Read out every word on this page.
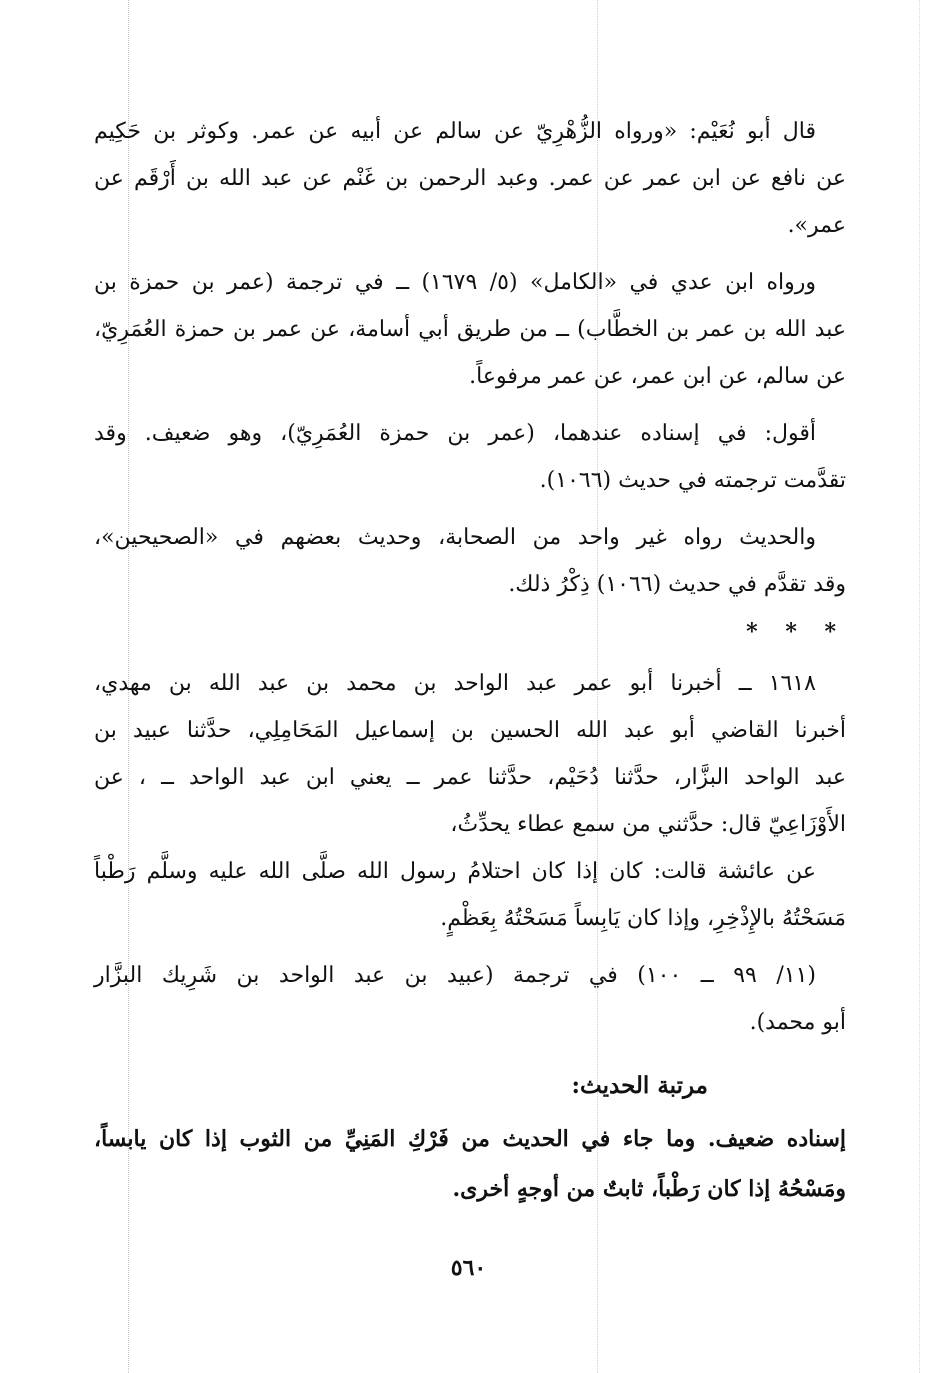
قال أبو نُعَيْم: «ورواه الزُّهْرِيّ عن سالم عن أبيه عن عمر. وكوثر بن حَكِيم
عن نافع عن ابن عمر عن عمر. وعبد الرحمن بن غَنْم عن عبد الله بن أَرْقَم عن
عمر».

ورواه ابن عدي في «الكامل» (٥/ ١٦٧٩) ــ في ترجمة (عمر بن حمزة بن
عبد الله بن عمر بن الخطَّاب) ــ من طريق أبي أسامة، عن عمر بن حمزة العُمَرِيّ،
عن سالم، عن ابن عمر، عن عمر مرفوعاً.

أقول: في إسناده عندهما، (عمر بن حمزة العُمَرِيّ)، وهو ضعيف. وقد
تقدَّمت ترجمته في حديث (١٠٦٦).

والحديث رواه غير واحد من الصحابة، وحديث بعضهم في «الصحيحين»،
وقد تقدَّم في حديث (١٠٦٦) ذِكْرُ ذلك.

* * *

١٦١٨ ــ أخبرنا أبو عمر عبد الواحد بن محمد بن عبد الله بن مهدي،
أخبرنا القاضي أبو عبد الله الحسين بن إسماعيل المَحَامِلِي، حدَّثنا عبيد بن
عبد الواحد البزَّار، حدَّثنا دُحَيْم، حدَّثنا عمر ــ يعني ابن عبد الواحد ــ ، عن
الأَوْزَاعِيّ قال: حدَّثني من سمع عطاء يحدِّثُ،

عن عائشة قالت: كان إذا كان احتلامُ رسول الله صلَّى الله عليه وسلَّم رَطْباً
مَسَحْتُهُ بالإِذْخِرِ، وإذا كان يَابِساً مَسَحْتُهُ بِعَظْمٍ.

(١١/ ٩٩ ــ ١٠٠) في ترجمة (عبيد بن عبد الواحد بن شَرِيك البزَّار
أبو محمد).

مرتبة الحديث:

إسناده ضعيف. وما جاء في الحديث من فَرْكِ المَنِيِّ من الثوب إذا كان يابساً،
ومَسْحُهُ إذا كان رَطْباً، ثابتٌ من أوجهٍ أخرى.

٥٦٠
